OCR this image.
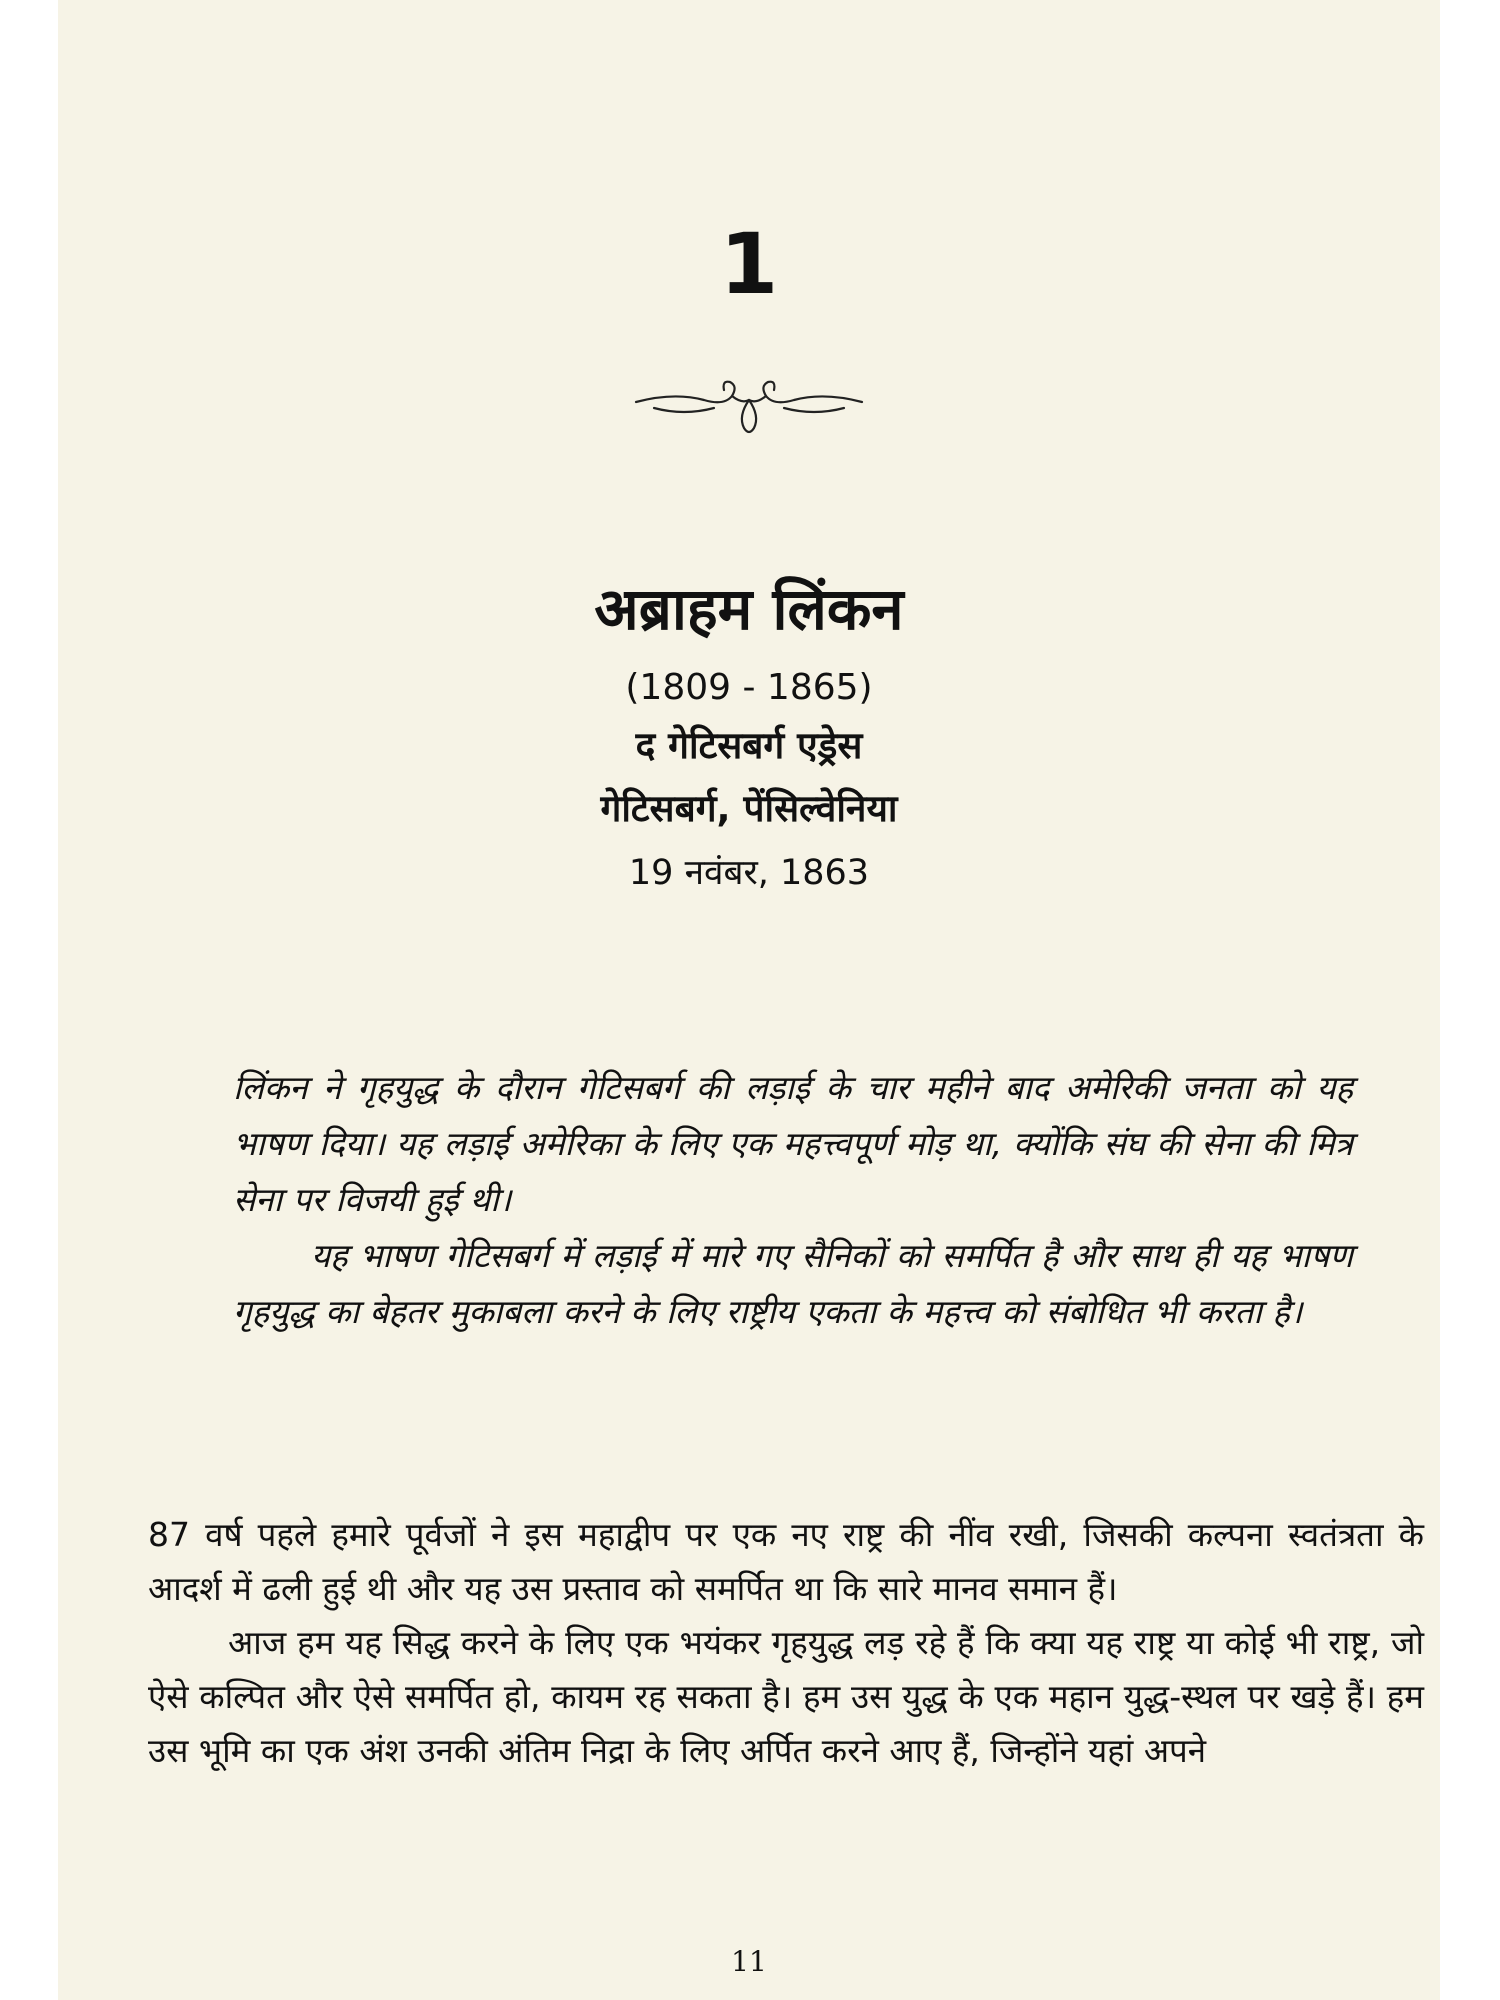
1
अब्राहम लिंकन
(1809 - 1865)
द गेटिसबर्ग एड्रेस
गेटिसबर्ग, पेंसिल्वेनिया
19 नवंबर, 1863

लिंकन ने गृहयुद्ध के दौरान गेटिसबर्ग की लड़ाई के चार महीने बाद अमेरिकी जनता को यह भाषण दिया। यह लड़ाई अमेरिका के लिए एक महत्त्वपूर्ण मोड़ था, क्योंकि संघ की सेना की मित्र सेना पर विजयी हुई थी।

यह भाषण गेटिसबर्ग में लड़ाई में मारे गए सैनिकों को समर्पित है और साथ ही यह भाषण गृहयुद्ध का बेहतर मुकाबला करने के लिए राष्ट्रीय एकता के महत्त्व को संबोधित भी करता है।

87 वर्ष पहले हमारे पूर्वजों ने इस महाद्वीप पर एक नए राष्ट्र की नींव रखी, जिसकी कल्पना स्वतंत्रता के आदर्श में ढली हुई थी और यह उस प्रस्ताव को समर्पित था कि सारे मानव समान हैं।

आज हम यह सिद्ध करने के लिए एक भयंकर गृहयुद्ध लड़ रहे हैं कि क्या यह राष्ट्र या कोई भी राष्ट्र, जो ऐसे कल्पित और ऐसे समर्पित हो, कायम रह सकता है। हम उस युद्ध के एक महान युद्ध-स्थल पर खड़े हैं। हम उस भूमि का एक अंश उनकी अंतिम निद्रा के लिए अर्पित करने आए हैं, जिन्होंने यहां अपने

11
